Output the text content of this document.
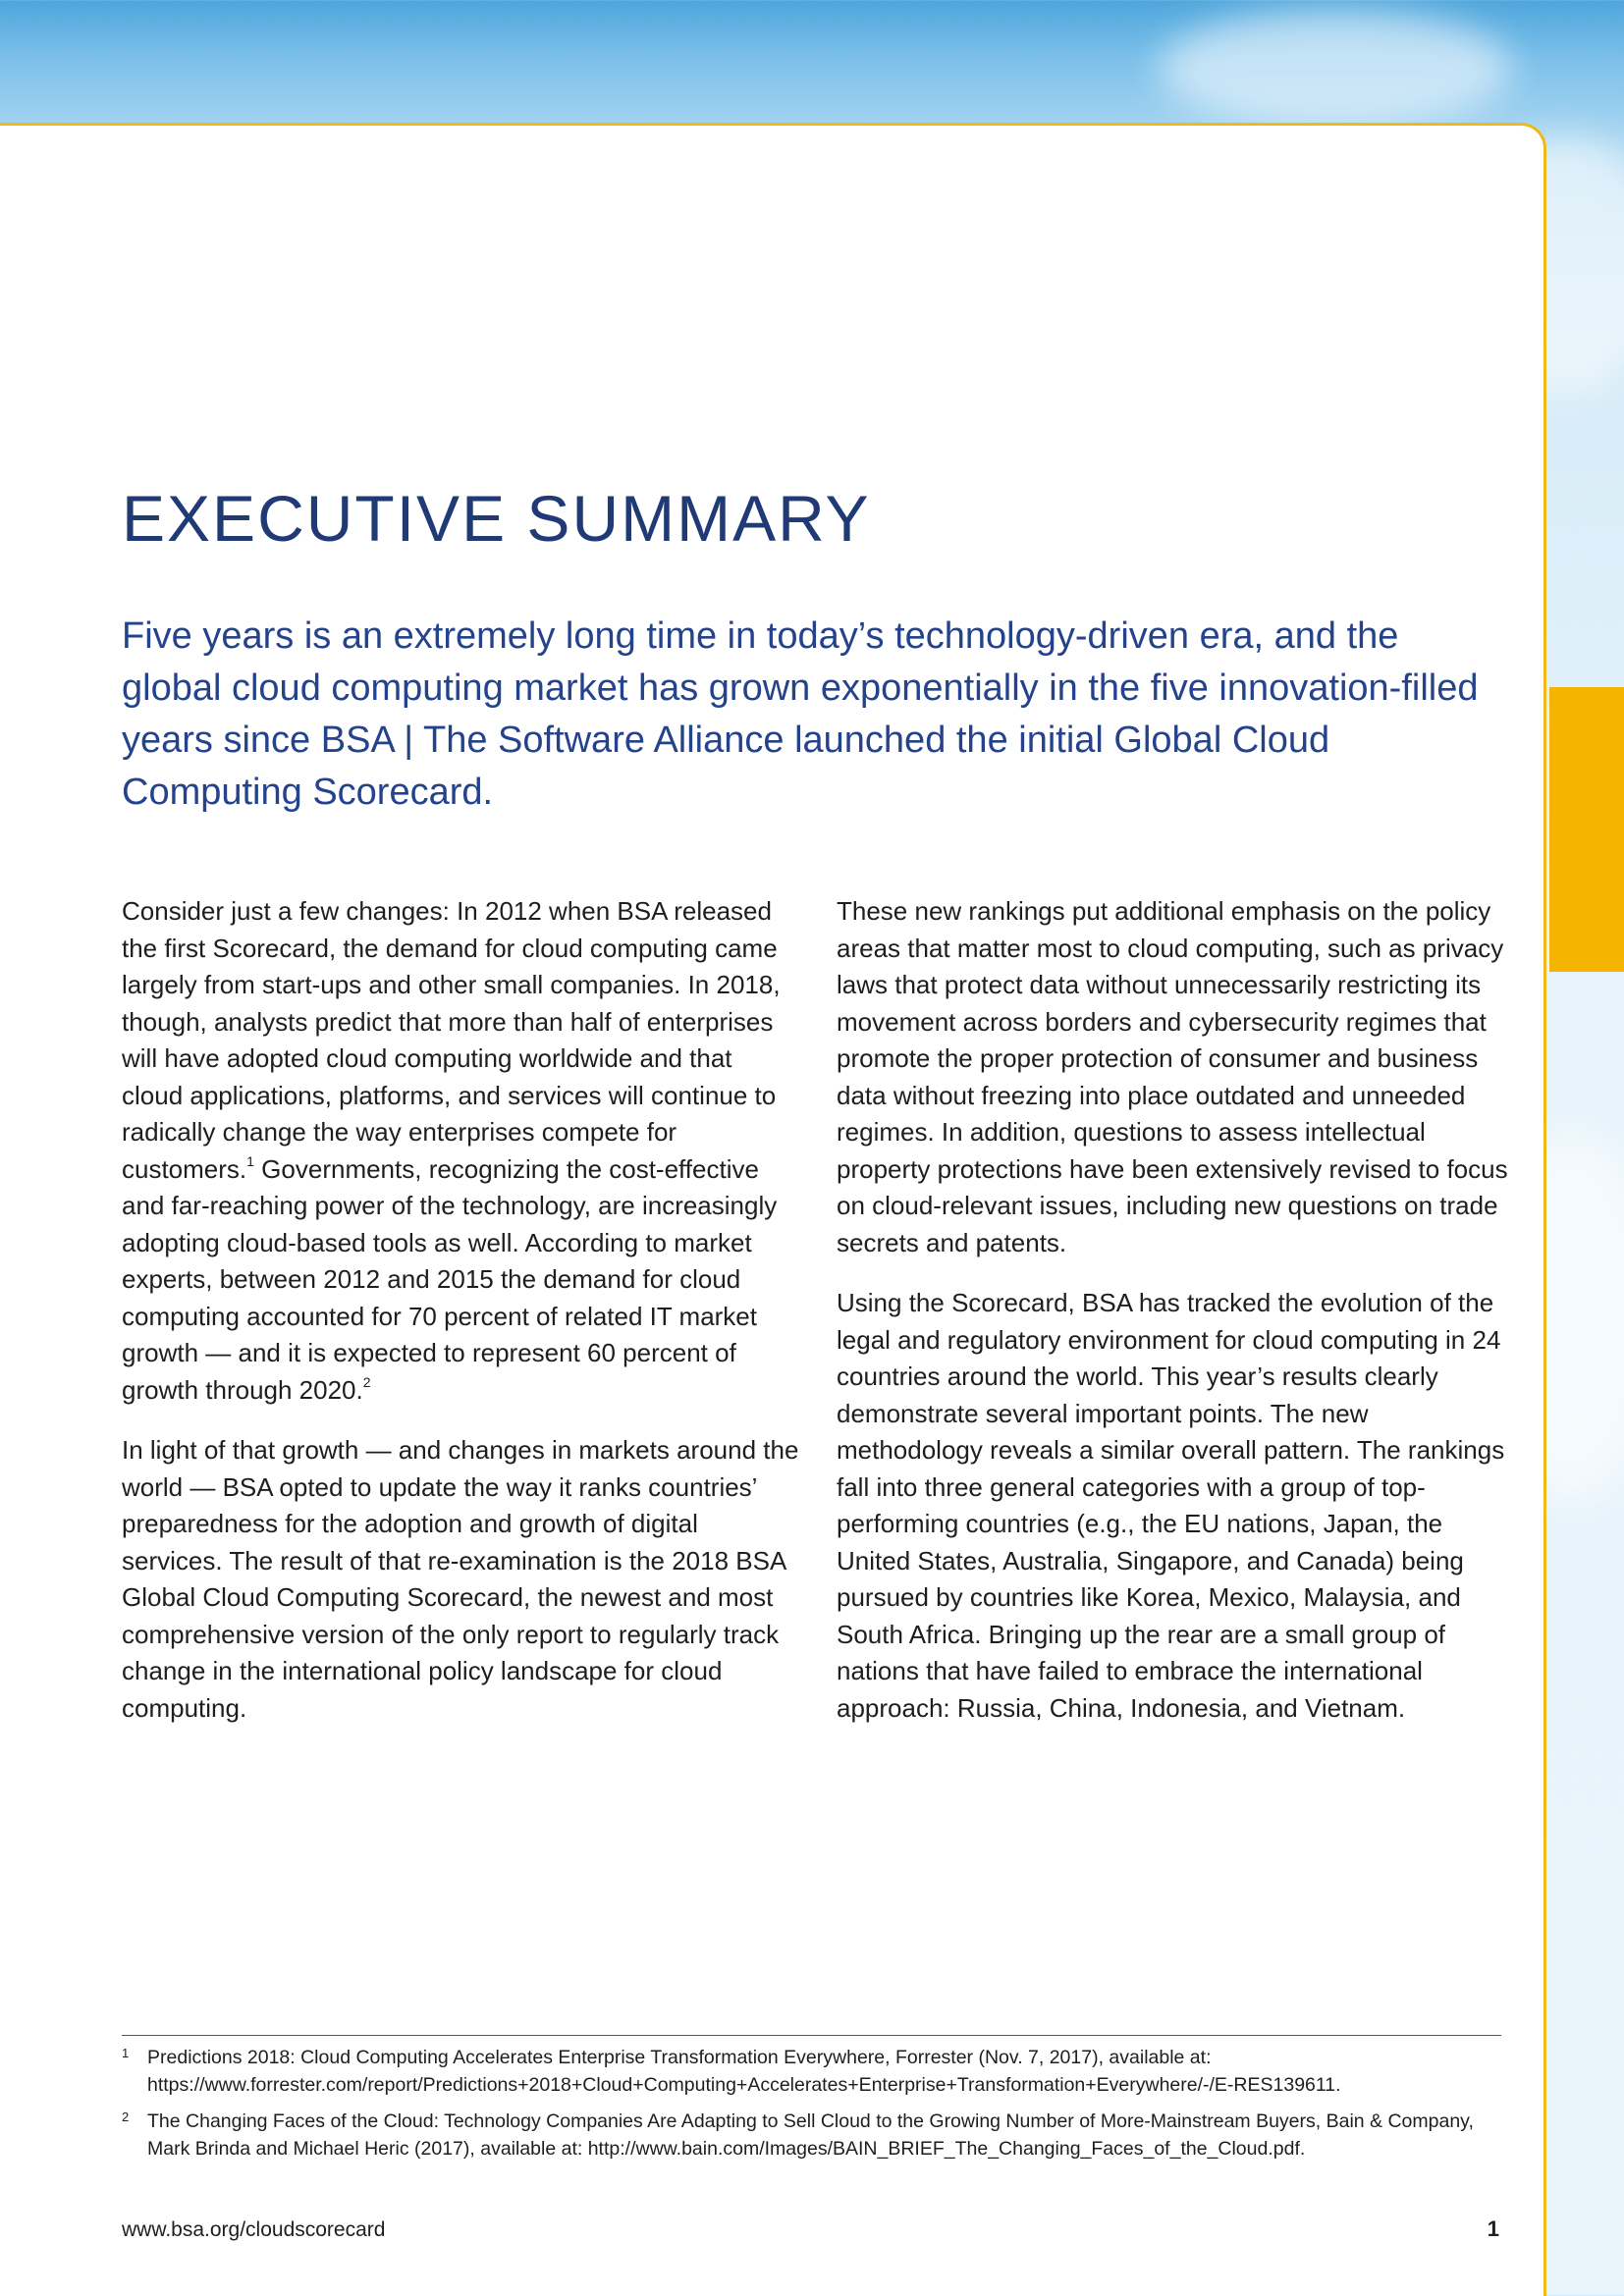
EXECUTIVE SUMMARY

Five years is an extremely long time in today’s technology-driven era, and the global cloud computing market has grown exponentially in the five innovation-filled years since BSA | The Software Alliance launched the initial Global Cloud Computing Scorecard.

Consider just a few changes: In 2012 when BSA released the first Scorecard, the demand for cloud computing came largely from start-ups and other small companies. In 2018, though, analysts predict that more than half of enterprises will have adopted cloud computing worldwide and that cloud applications, platforms, and services will continue to radically change the way enterprises compete for customers.$^1$ Governments, recognizing the cost-effective and far-reaching power of the technology, are increasingly adopting cloud-based tools as well. According to market experts, between 2012 and 2015 the demand for cloud computing accounted for 70 percent of related IT market growth — and it is expected to represent 60 percent of growth through 2020.$^2$

In light of that growth — and changes in markets around the world — BSA opted to update the way it ranks countries’ preparedness for the adoption and growth of digital services. The result of that re-examination is the 2018 BSA Global Cloud Computing Scorecard, the newest and most comprehensive version of the only report to regularly track change in the international policy landscape for cloud computing.

These new rankings put additional emphasis on the policy areas that matter most to cloud computing, such as privacy laws that protect data without unnecessarily restricting its movement across borders and cybersecurity regimes that promote the proper protection of consumer and business data without freezing into place outdated and unneeded regimes. In addition, questions to assess intellectual property protections have been extensively revised to focus on cloud-relevant issues, including new questions on trade secrets and patents.

Using the Scorecard, BSA has tracked the evolution of the legal and regulatory environment for cloud computing in 24 countries around the world. This year’s results clearly demonstrate several important points. The new methodology reveals a similar overall pattern. The rankings fall into three general categories with a group of top-performing countries (e.g., the EU nations, Japan, the United States, Australia, Singapore, and Canada) being pursued by countries like Korea, Mexico, Malaysia, and South Africa. Bringing up the rear are a small group of nations that have failed to embrace the international approach: Russia, China, Indonesia, and Vietnam.

1 Predictions 2018: Cloud Computing Accelerates Enterprise Transformation Everywhere, Forrester (Nov. 7, 2017), available at: https://www.forrester.com/report/Predictions+2018+Cloud+Computing+Accelerates+Enterprise+Transformation+Everywhere/-/E-RES139611.
2 The Changing Faces of the Cloud: Technology Companies Are Adapting to Sell Cloud to the Growing Number of More-Mainstream Buyers, Bain & Company, Mark Brinda and Michael Heric (2017), available at: http://www.bain.com/Images/BAIN_BRIEF_The_Changing_Faces_of_the_Cloud.pdf.
www.bsa.org/cloudscorecard	1
